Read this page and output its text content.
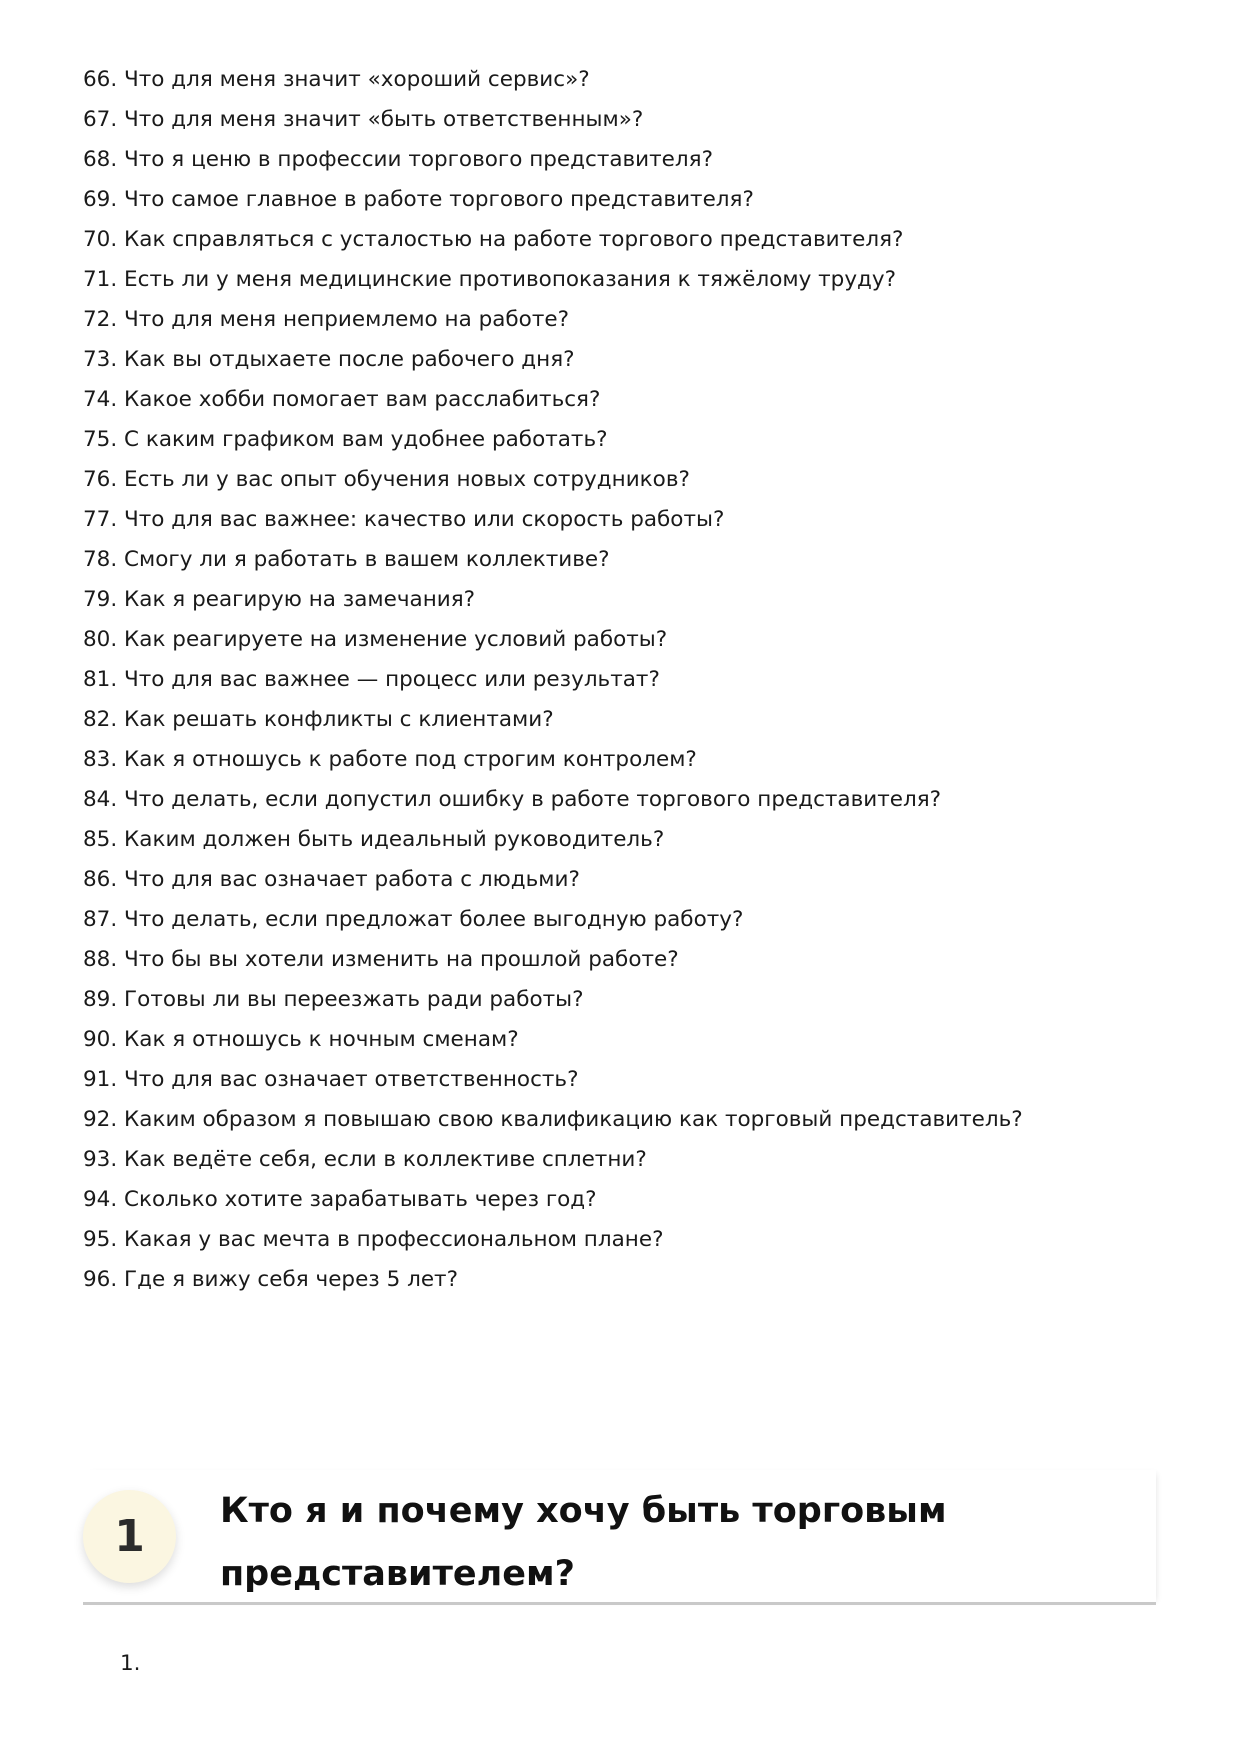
66. Что для меня значит «хороший сервис»?
67. Что для меня значит «быть ответственным»?
68. Что я ценю в профессии торгового представителя?
69. Что самое главное в работе торгового представителя?
70. Как справляться с усталостью на работе торгового представителя?
71. Есть ли у меня медицинские противопоказания к тяжёлому труду?
72. Что для меня неприемлемо на работе?
73. Как вы отдыхаете после рабочего дня?
74. Какое хобби помогает вам расслабиться?
75. С каким графиком вам удобнее работать?
76. Есть ли у вас опыт обучения новых сотрудников?
77. Что для вас важнее: качество или скорость работы?
78. Смогу ли я работать в вашем коллективе?
79. Как я реагирую на замечания?
80. Как реагируете на изменение условий работы?
81. Что для вас важнее — процесс или результат?
82. Как решать конфликты с клиентами?
83. Как я отношусь к работе под строгим контролем?
84. Что делать, если допустил ошибку в работе торгового представителя?
85. Каким должен быть идеальный руководитель?
86. Что для вас означает работа с людьми?
87. Что делать, если предложат более выгодную работу?
88. Что бы вы хотели изменить на прошлой работе?
89. Готовы ли вы переезжать ради работы?
90. Как я отношусь к ночным сменам?
91. Что для вас означает ответственность?
92. Каким образом я повышаю свою квалификацию как торговый представитель?
93. Как ведёте себя, если в коллективе сплетни?
94. Сколько хотите зарабатывать через год?
95. Какая у вас мечта в профессиональном плане?
96. Где я вижу себя через 5 лет?
1	Кто я и почему хочу быть торговым
представителем?
1.
